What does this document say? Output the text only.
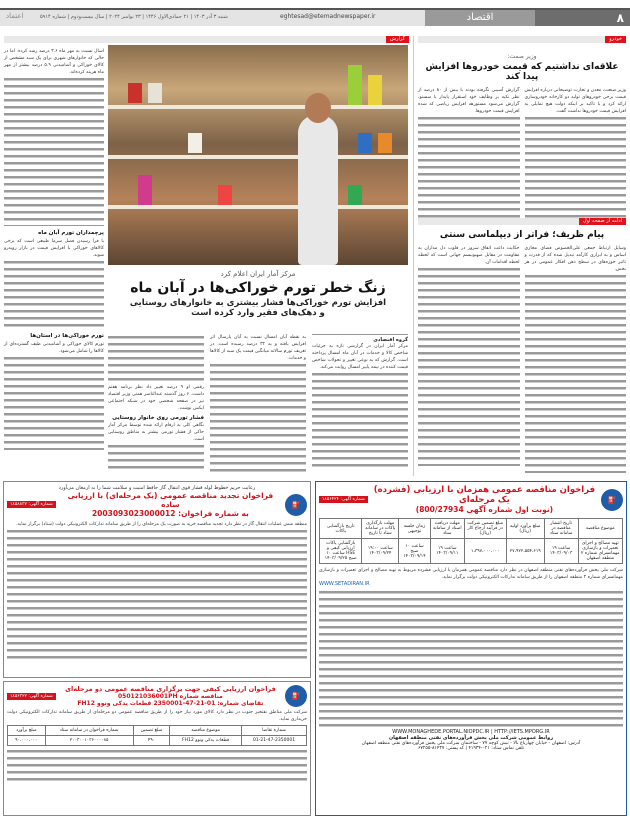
۸
اقتصاد
eghtesad@etemadnewspaper.ir
شنبه ۳ آذر ۱۴۰۳ | ۲۱ جمادی‌الاول ۱۴۴۶ | ۲۳ نوامبر ۲۰۲۴ | سال بیست‌ودوم | شماره ۵۹۱۴
اعتماد
خودرو
وزیر صمت:
علاقه‌ای نداشتیم که قیمت خودروها افزایش پیدا کند

وزیر صنعت، معدن و تجارت توضیحاتی درباره افزایش قیمت برخی خودروهای تولید دو کارخانه خودروسازی ارائه کرد و با تاکید بر اینکه دولت هیچ تمایلی به افزایش قیمت خودروها نداشت گفت.

گزارش آسیبی نگرفته بودند با بیش از ۸۰ درصد از نظر تکیه بر وظایف خود استقرار پایدار با سستو، گزارش می‌شود مستورهه افزایش ریاضی که شده افزایش قیمت خودروها.

ادامه از صفحه اول
پیام ظریف؛ فراتر از دیپلماسی سنتی

وسایل ارتباط جمعی علی‌الخصوص فضای مجازی اساس و به ابزاری کارآمد تبدیل شده که از قدرت و تاثیر حوزه‌های در سطح ذهن افکار عمومی در هر بخش.

حکایت داعت اتفاق سرور در قلوب دل مداران به مقاومت در مقابل صهیونیسم جهانی است که لحظه لحظه اقدامات آن.

گزارش

اسال نسبت به مهر ماه ۳.۶ درصد رشد کرده. اما در حالی که خانوارهای شهری برای یک سبد مشخص از کالای خوراکی و آشامیدنی ۵.۹ درصد بیشتر از مهر ماه هزینه کرده‌اند.

پرچمداران تورم آبان ماه

با فرا رسیدن فصل سرما طبیعی است که برخی کالاهای خوراکی با افزایش قیمت در بازار روبه‌رو شوند.

تورم خوراکی‌ها در استان‌ها

تورم کالای خوراکی و آشامیدنی طیف گسترده‌ای از کالاها را شامل می‌شود.

مرکز آمار ایران اعلام کرد
زنگ خطر تورم خوراکی‌ها در آبان ماه
افزایش تورم خوراکی‌ها فشار بیشتری به خانوارهای روستایی
و دهک‌های فقیر وارد کرده است
گروه اقتصادی

مرکز آمار ایران در گزارشی تازه به جزئیات شاخص کالا و خدمات در آبان ماه امسال پرداخته است. گزارش که به نوعی تغییر و تحولات شاخص قیمت کننده در نیمه پاییز امسال روایت می‌کند.

به نقطه آبان امسال نسبت به آبان پارسال اثر افزایش یافته و به ۳۲ درصد رسیده است. در تعریف تورم سالانه میانگین قیمت یک سبد از کالاها و خدمات.

رقمی او ۹ درصد تغییر داد نظر برنامه هفتم داشت. ۶ روز گذشته عبدالناصر همتی وزیر اقتصاد نیز در صفحه شخصی خود در شبکه اجتماعی ایکس نوشت.

فشار تورمی روی خانوار روستایی

نگاهی کلی به ارقام ارائه شده توسط مرکز آمار حاکی از فشار تورمی بیشتر به مناطق روستایی است.

⛽
فراخوان مناقصه عمومی همزمان با ارزیابی (فشرده) یک مرحله‌ای
(نوبت اول شماره آگهی 800/27934)
شماره آگهی: ۱۸۵۶۴۲۴
موضوع مناقصه	تاریخ انتشار مناقصه در سامانه ستاد	مبلغ برآورد اولیه (ریال)	مبلغ تضمین شرکت در فرآیند ارجاع کار (ریال)	مهلت دریافت اسناد از سامانه ستاد	زمان جلسه توجیهی	مهلت بارگذاری پاکات در سامانه ستاد تا تاریخ	تاریخ بازگشایی پاکات
تهیه مصالح و اجرای تعمیرات و بازسازی مهمانسرای شماره ۲ منطقه اصفهان	ساعت ۱۹ ۱۴۰۳/۰۹/۰۳	۲۷،۹۲۲،۵۵۴،۶۱۹	۱،۳۹۷،۰۰۰،۰۰۰	ساعت ۱۹ ۱۴۰۳/۰۹/۱۱	ساعت ۱۰ صبح ۱۴۰۳/۰۹/۱۴	ساعت ۱۹:۰۰ ۱۴۰۳/۰۹/۲۴	بازگشایی پاکات ارزیابی کیفی و HSE ساعت ۱۰ صبح ۱۴۰۳/۰۹/۲۵

شرکت ملی پخش فرآورده‌های نفتی منطقه اصفهان در نظر دارد مناقصه عمومی همزمان با ارزیابی فشرده مربوط به تهیه مصالح و اجرای تعمیرات و بازسازی مهمانسرای شماره ۲ منطقه اصفهان را از طریق سامانه تدارکات الکترونیکی دولت برگزار نماید.

WWW.SETADIRAN.IR
WWW.MONAGHEDE.PORTAL.NIOPDC.IR | HTTP://IETS.MPORG.IR
روابط عمومی شرکت ملی پخش فرآورده‌های نفتی منطقه اصفهان
آدرس: اصفهان - خیابان چهارباغ بالا - نبش کوچه ۷۷ - ساختمان شرکت ملی پخش فرآورده‌های نفتی منطقه اصفهان
تلفن تماس ستاد: ۰۲۱-۴۱۹۳۴ | کد پستی: ۸۱۴۳۷-۶۷۲۵۵
رعایت حریم خطوط لوله فشار قوی انتقال گاز حافظ امنیت و سلامت شما را به ارمغان می‌آورد
⛽
فراخوان تجدید مناقصه عمومی (یک مرحله‌ای) با ارزیابی ساده
به شماره فراخوان: 2003093023000012
شماره آگهی: ۱۸۵۸۸۳۷

منطقه شش عملیات انتقال گاز در نظر دارد تجدید مناقصه خرید به صورت یک مرحله‌ای را از طریق سامانه تدارکات الکترونیکی دولت (ستاد) برگزار نماید.

⛽
فراخوان ارزیابی کیفی جهت برگزاری مناقصه عمومی دو مرحله‌ای
مناقصه شماره 050121036001PH
تقاضای شماره: 01-21-47-2350001 قطعات یدکی ونوو FH12
شماره آگهی: ۱۸۵۶۳۲۲

شرکت ملی مناطق نفتخیز جنوب در نظر دارد کالای مورد نیاز خود را از طریق مناقصه عمومی دو مرحله‌ای از طریق سامانه تدارکات الکترونیکی دولت خریداری نماید.

شماره تقاضا	موضوع مناقصه	مبلغ تضمین	شماره فراخوان در سامانه ستاد	مبلغ برآورد
01-21-47-2350001	قطعات یدکی ونوو FH12	۴۹۰	۲۰۰۳۰۰۱۰۳۶۰۰۰۰۸۵	۹۰،۰۰۰،۰۰۰
